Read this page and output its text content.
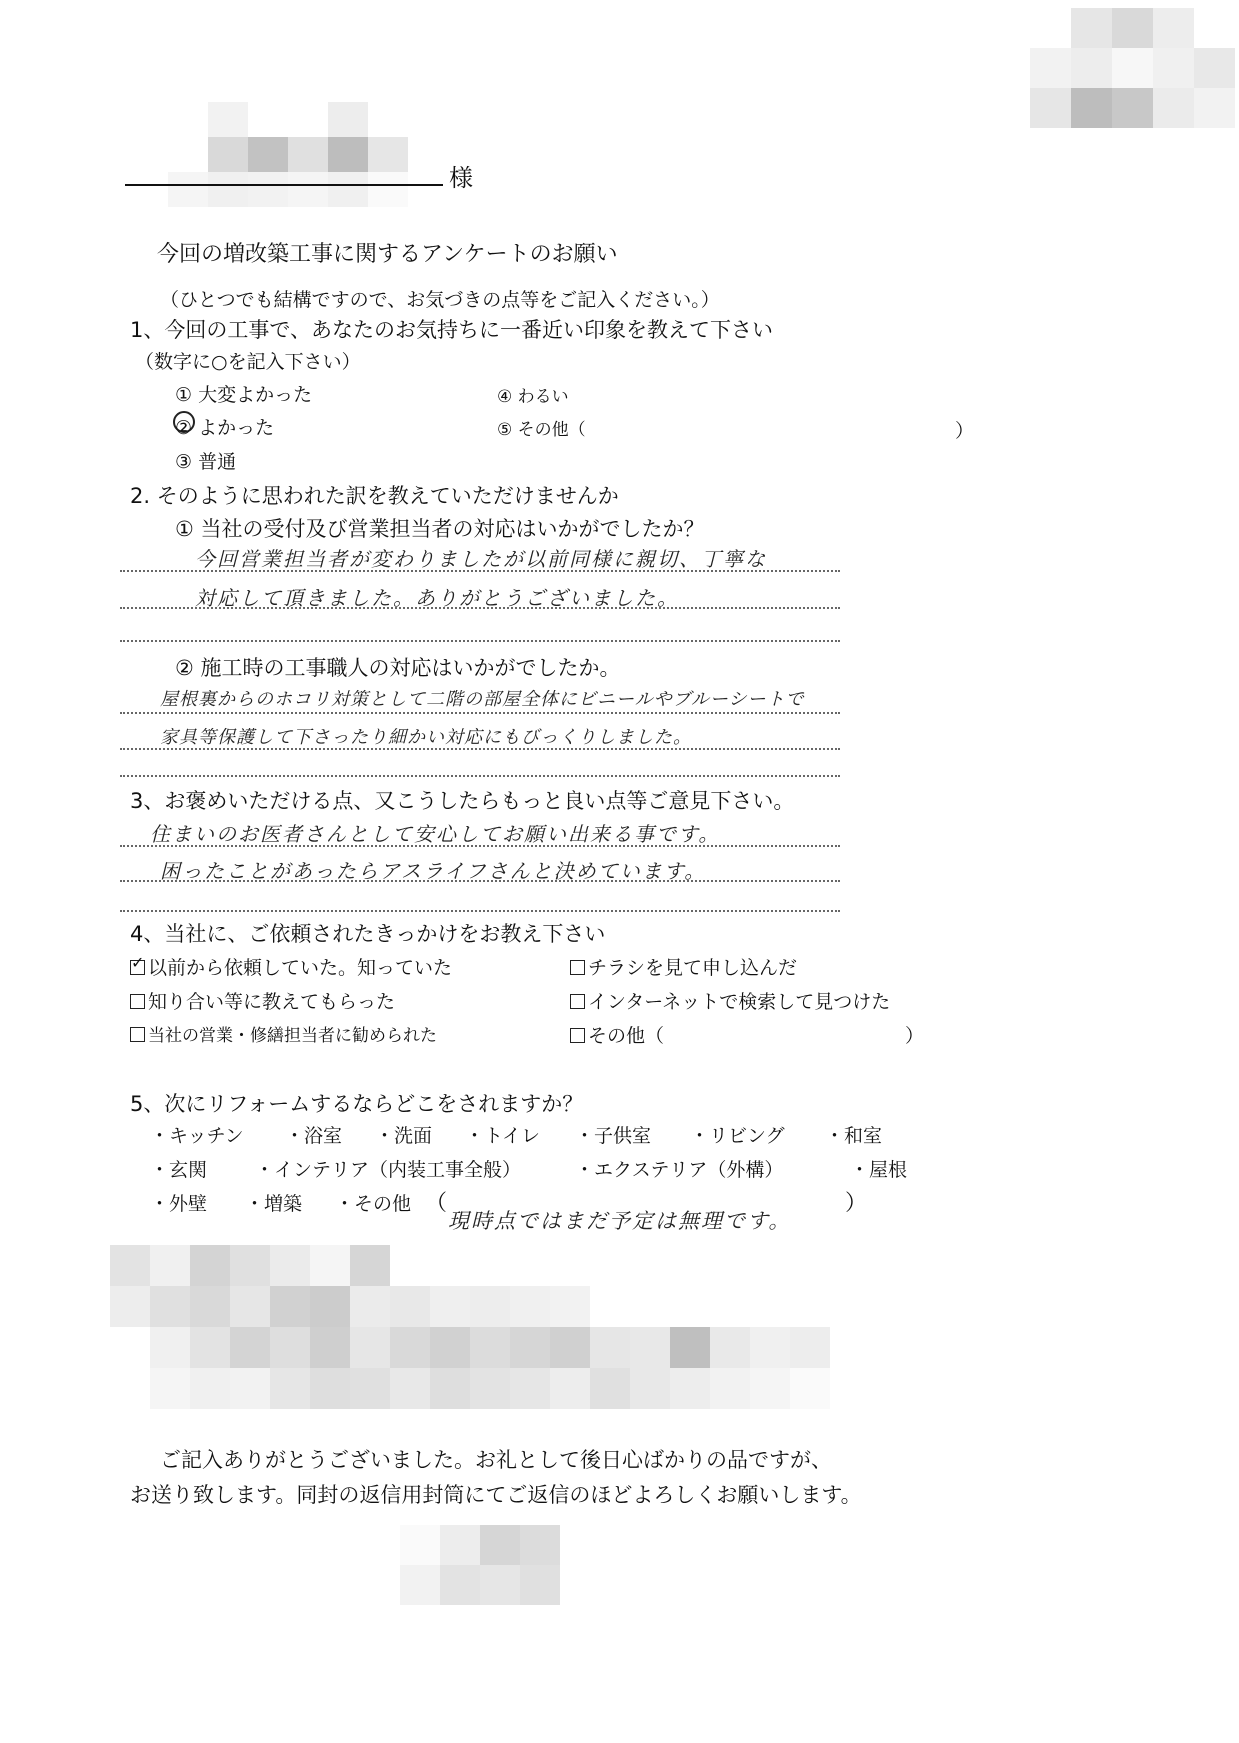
様
今回の増改築工事に関するアンケートのお願い
（ひとつでも結構ですので、お気づきの点等をご記入ください。）
1、今回の工事で、あなたのお気持ちに一番近い印象を教えて下さい
（数字に○を記入下さい）
① 大変よかった
② よかった
③ 普通
④ わるい
⑤ その他（	）
2. そのように思われた訳を教えていただけませんか
① 当社の受付及び営業担当者の対応はいかがでしたか？
今回営業担当者が変わりましたが以前同様に親切、丁寧な
対応して頂きました。ありがとうございました。
② 施工時の工事職人の対応はいかがでしたか。
屋根裏からのホコリ対策として二階の部屋全体にビニールやブルーシートで
家具等保護して下さったり細かい対応にもびっくりしました。
3、お褒めいただける点、又こうしたらもっと良い点等ご意見下さい。
住まいのお医者さんとして安心してお願い出来る事です。
困ったことがあったらアスライフさんと決めています。
4、当社に、ご依頼されたきっかけをお教え下さい
✓ 以前から依頼していた。知っていた	チラシを見て申し込んだ
知り合い等に教えてもらった	インターネットで検索して見つけた
当社の営業・修繕担当者に勧められた	その他（	）
5、次にリフォームするならどこをされますか？
・キッチン ・浴室 ・洗面 ・トイレ ・子供室 ・リビング ・和室
・玄関	・インテリア（内装工事全般）	・エクステリア（外構）	・屋根
・外壁 ・増築 ・その他 （
現時点ではまだ予定は無理です。
）
ご記入ありがとうございました。お礼として後日心ばかりの品ですが、
お送り致します。同封の返信用封筒にてご返信のほどよろしくお願いします。
